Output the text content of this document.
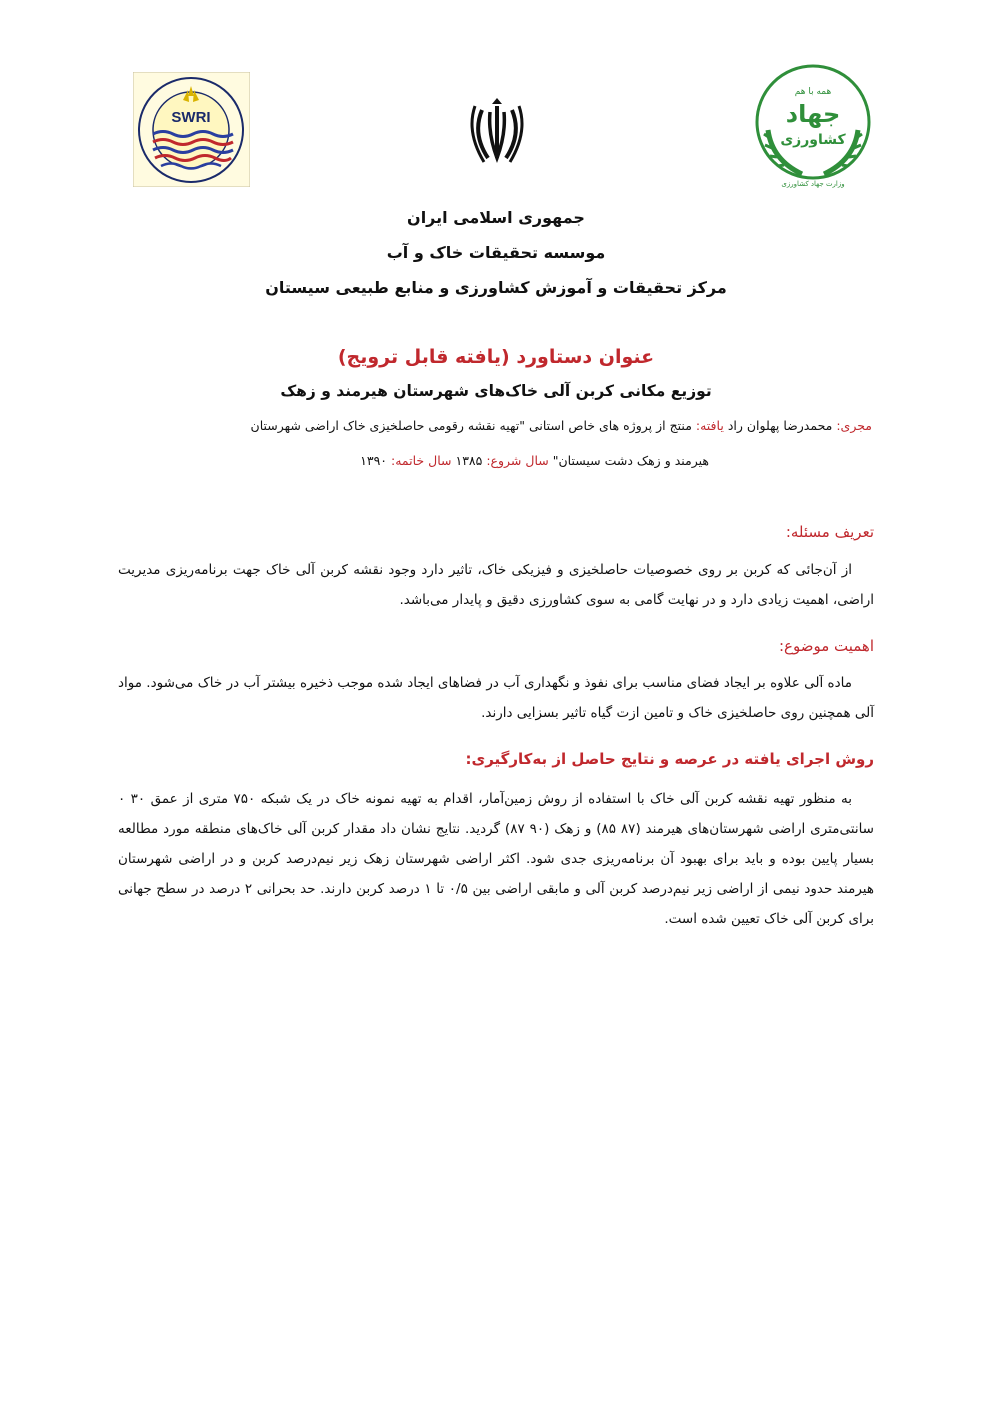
SWRI
همه با هم
جهاد
کشاورزی
وزارت جهاد کشاورزی
جمهوری اسلامی ایران
موسسه تحقیقات خاک و آب
مرکز تحقیقات و آموزش کشاورزی و منابع طبیعی سیستان
عنوان دستاورد (یافته قابل ترویج)
توزیع مکانی کربن آلی خاک‌های شهرستان هیرمند و زهک
مجری: محمدرضا پهلوان راد یافته: منتج از پروژه های خاص استانی "تهیه نقشه رقومی حاصلخیزی خاک اراضی شهرستان
هیرمند و زهک دشت سیستان" سال شروع: ۱۳۸۵ سال خاتمه: ۱۳۹۰
تعریف مسئله:

از آن‌جائی که کربن بر روی خصوصیات حاصلخیزی و فیزیکی خاک، تاثیر دارد وجود نقشه کربن آلی خاک جهت برنامه‌ریزی مدیریت اراضی، اهمیت زیادی دارد و در نهایت گامی به سوی کشاورزی دقیق و پایدار می‌باشد.

اهمیت موضوع:

ماده آلی علاوه بر ایجاد فضای مناسب برای نفوذ و نگهداری آب در فضاهای ایجاد شده موجب ذخیره بیشتر آب در خاک می‌شود. مواد آلی همچنین روی حاصلخیزی خاک و تامین ازت گیاه تاثیر بسزایی دارند.

روش اجرای یافته در عرصه و نتایج حاصل از به‌کارگیری:

به منظور تهیه نقشه کربن آلی خاک با استفاده از روش زمین‌آمار، اقدام به تهیه نمونه خاک در یک شبکه ۷۵۰ متری از عمق ۳۰ ۰ سانتی‌متری اراضی شهرستان‌های هیرمند (۸۷ ۸۵) و زهک (۹۰ ۸۷) گردید. نتایج نشان داد مقدار کربن آلی خاک‌های منطقه مورد مطالعه بسیار پایین بوده و باید برای بهبود آن برنامه‌ریزی جدی شود. اکثر اراضی شهرستان زهک زیر نیم‌درصد کربن و در اراضی شهرستان هیرمند حدود نیمی از اراضی زیر نیم‌درصد کربن آلی و مابقی اراضی بین ۰/۵ تا ۱ درصد کربن دارند. حد بحرانی ۲ درصد در سطح جهانی برای کربن آلی خاک تعیین شده است.
